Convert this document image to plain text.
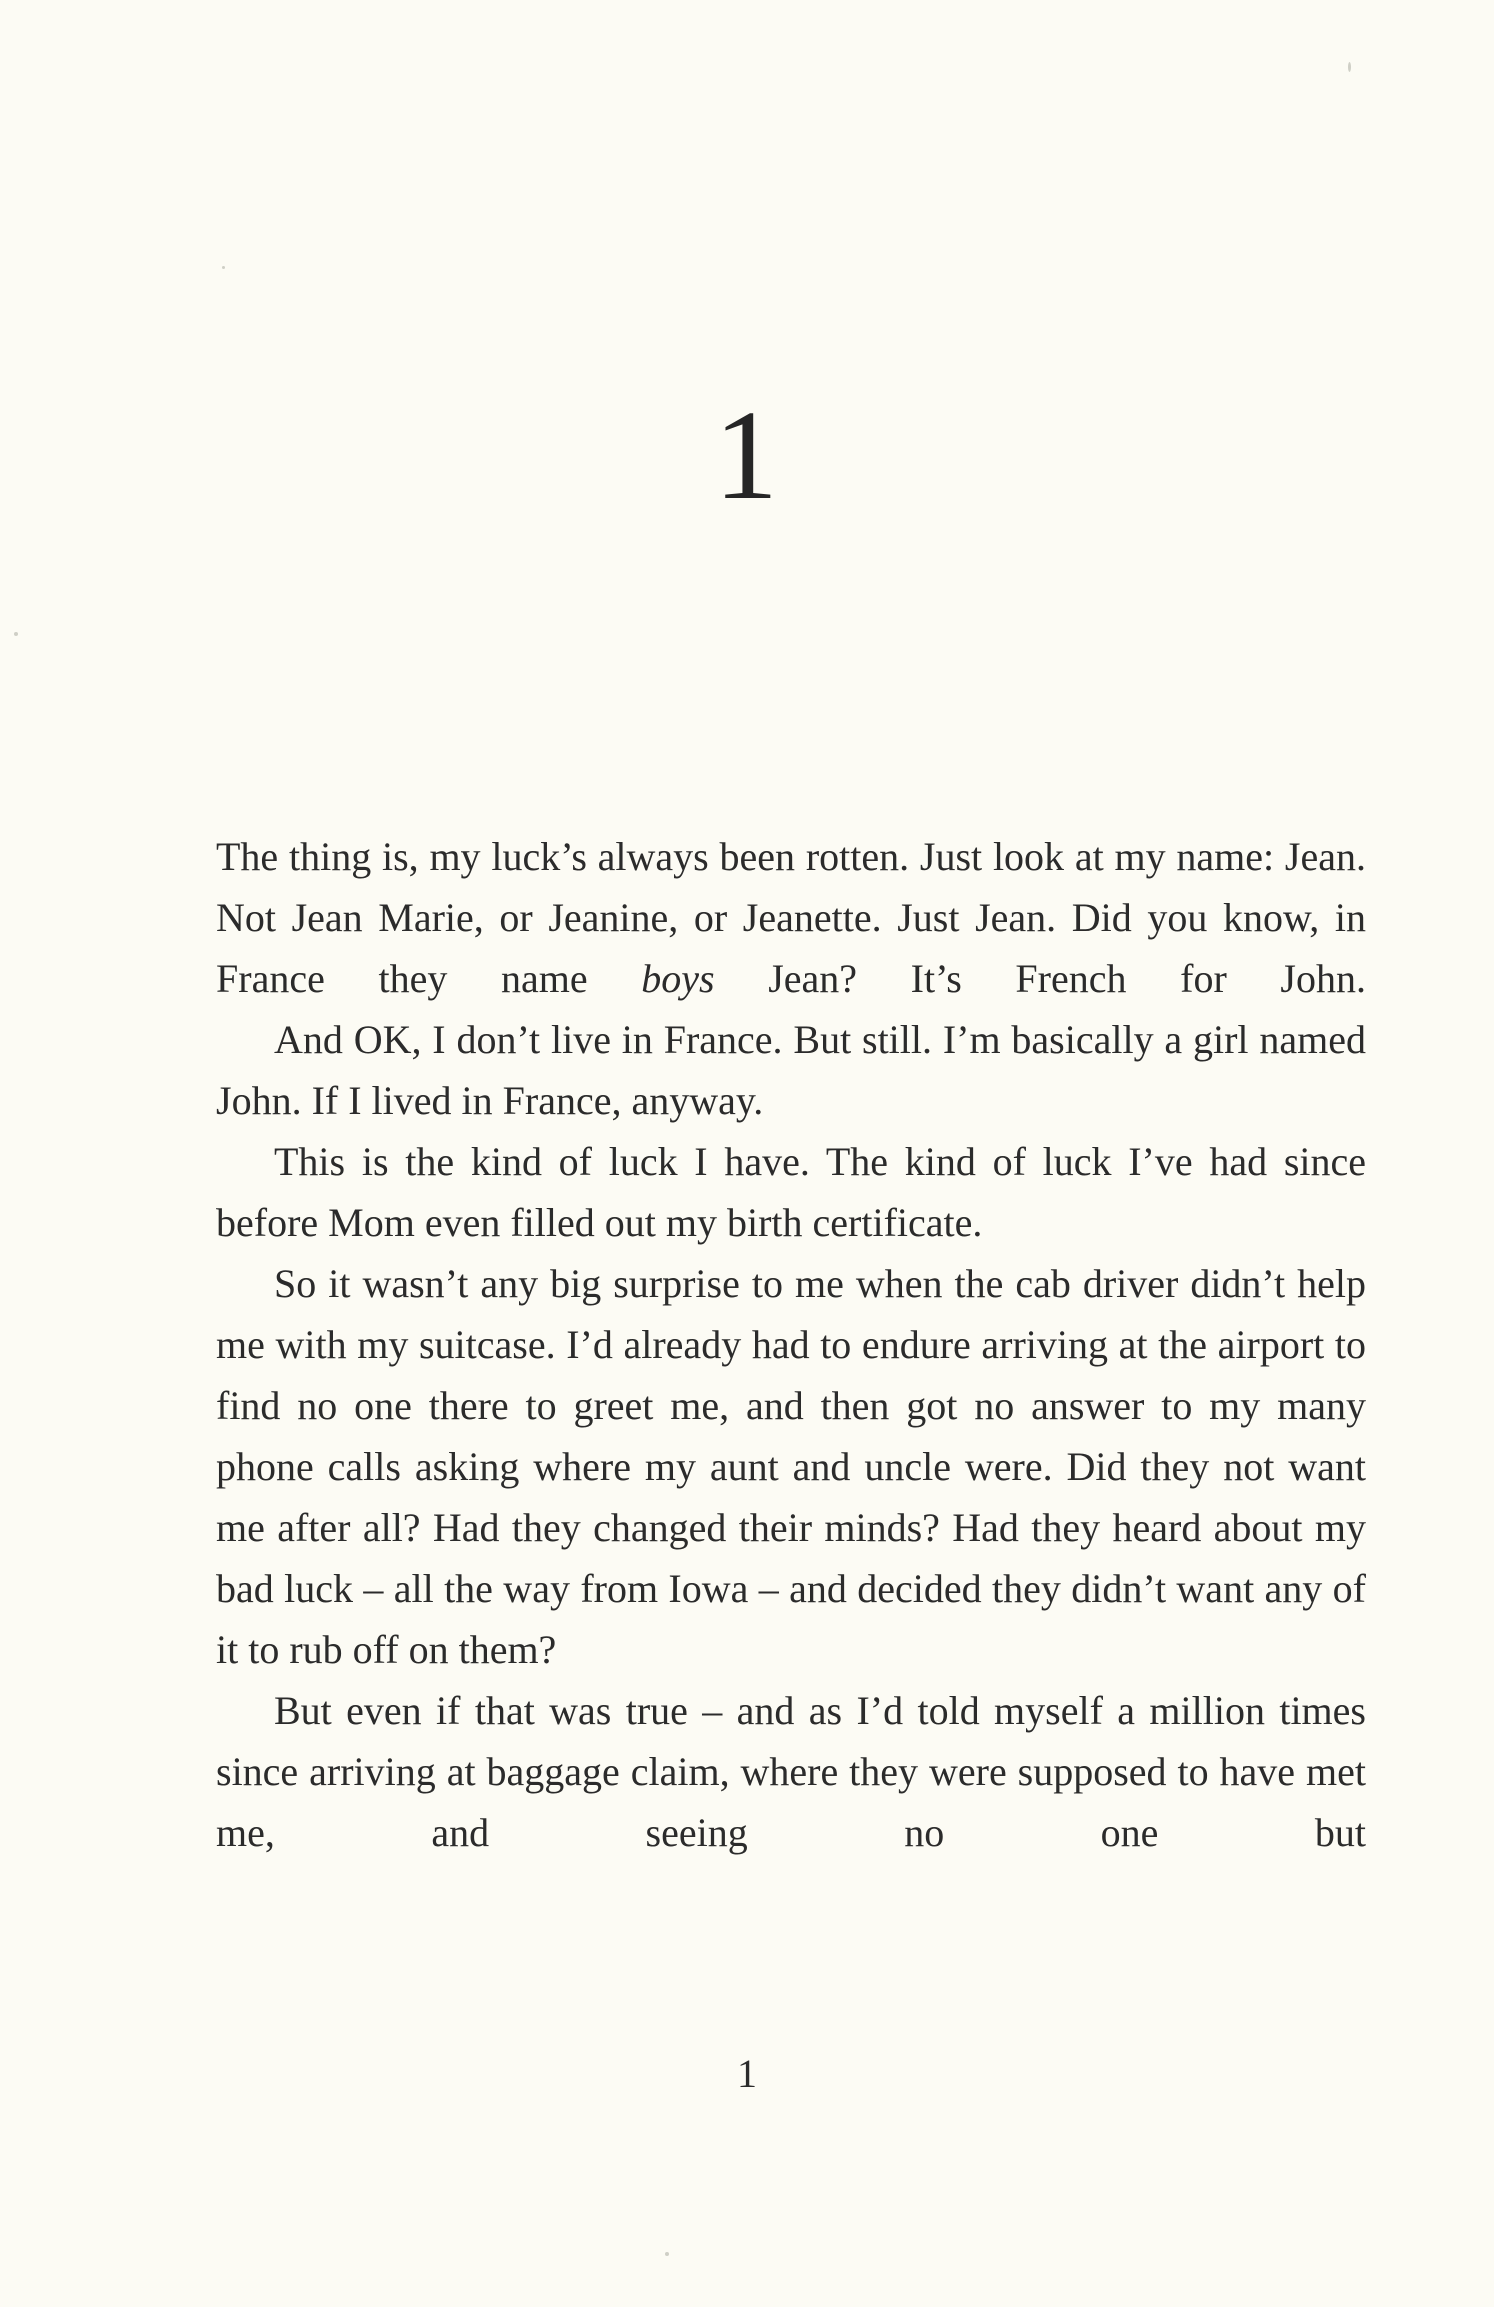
1

The thing is, my luck’s always been rotten. Just look at my name: Jean. Not Jean Marie, or Jeanine, or Jeanette. Just Jean. Did you know, in France they name boys Jean? It’s French for John.

And OK, I don’t live in France. But still. I’m basically a girl named John. If I lived in France, anyway.

This is the kind of luck I have. The kind of luck I’ve had since before Mom even filled out my birth certificate.

So it wasn’t any big surprise to me when the cab driver didn’t help me with my suitcase. I’d already had to endure arriving at the airport to find no one there to greet me, and then got no answer to my many phone calls asking where my aunt and uncle were. Did they not want me after all? Had they changed their minds? Had they heard about my bad luck – all the way from Iowa – and decided they didn’t want any of it to rub off on them?

But even if that was true – and as I’d told myself a million times since arriving at baggage claim, where they were supposed to have met me, and seeing no one but

1
